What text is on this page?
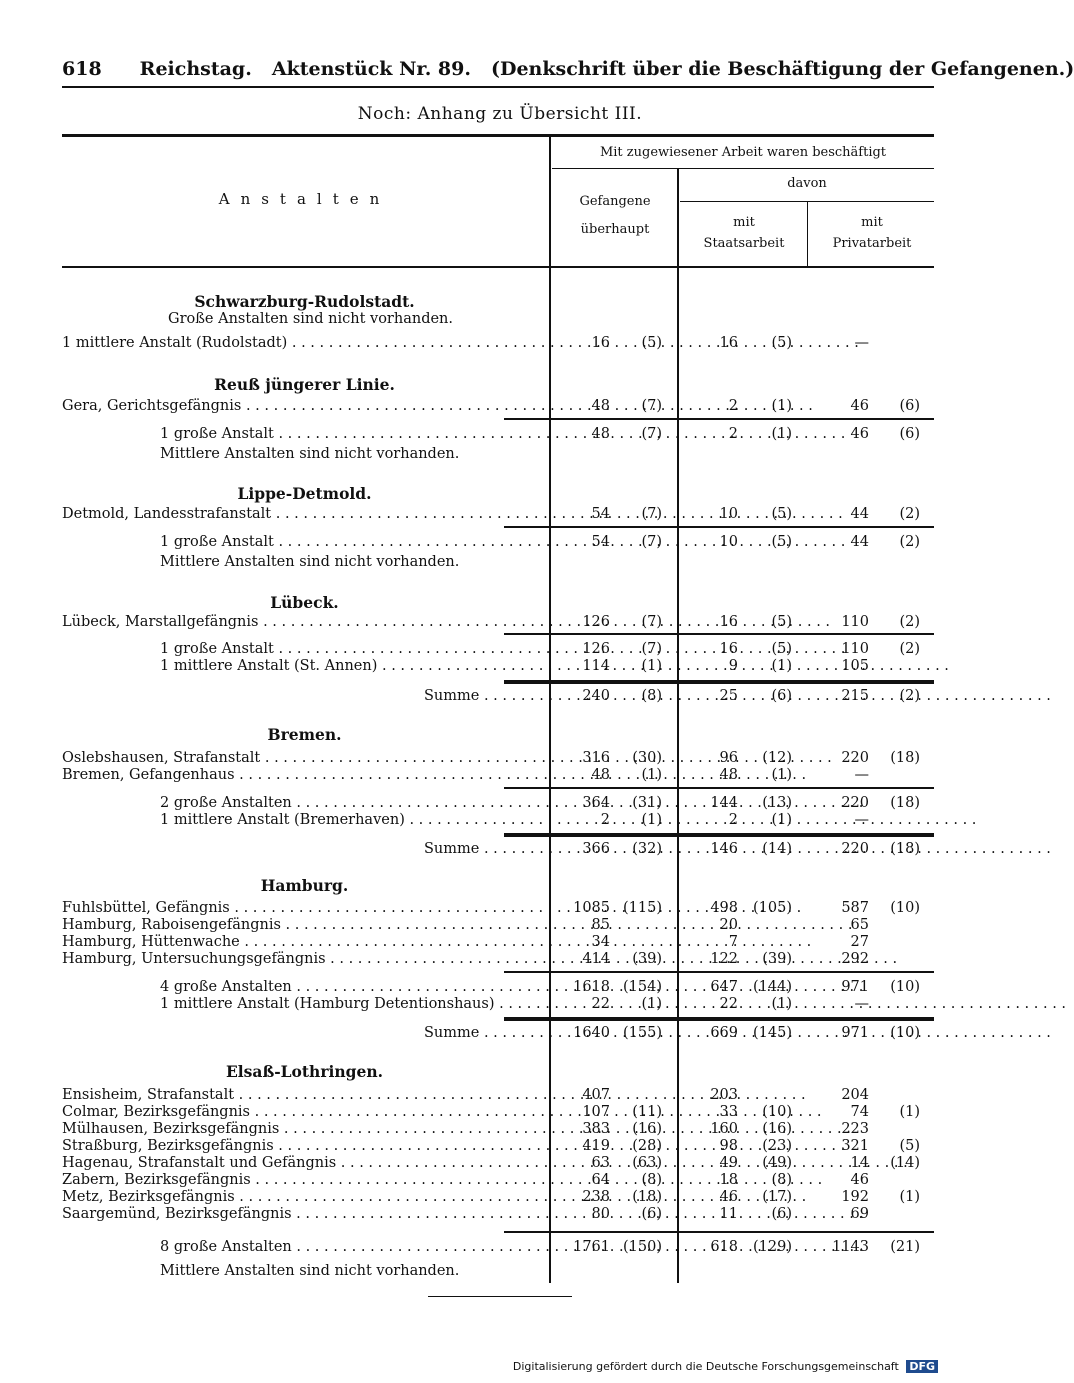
618 Reichstag. Aktenstück Nr. 89. (Denkschrift über die Beschäftigung der Gefangenen.)
Noch: Anhang zu Übersicht III.
Anstalten
Mit zugewiesener Arbeit waren beschäftigt
Gefangene
überhaupt
davon
mit
Staatsarbeit
mit
Privatarbeit
Schwarzburg-Rudolstadt.
Große Anstalten sind nicht vorhanden.
1 mittlere Anstalt (Rudolstadt) . . .	16	(5)	16	(5)	—
Reuß jüngerer Linie.
Mittlere Anstalten sind nicht vorhanden.
Gera, Gerichtsgefängnis . . .	48	(7)	2	(1)	46	(6)
1 große Anstalt . . .	48	(7)	2	(1)	46	(6)
Lippe-Detmold.
Mittlere Anstalten sind nicht vorhanden.
Detmold, Landesstrafanstalt . . .	54	(7)	10	(5)	44	(2)
1 große Anstalt . . .	54	(7)	10	(5)	44	(2)
Lübeck.
Lübeck, Marstallgefängnis . . .	126	(7)	16	(5)	110	(2)
1 große Anstalt . . .	126	(7)	16	(5)	110	(2)
1 mittlere Anstalt (St. Annen) . . .	114	(1)	9	(1)	105
Summe . . .	240	(8)	25	(6)	215	(2)
Bremen.
Oslebshausen, Strafanstalt . . .	316	(30)	96	(12)	220	(18)
Bremen, Gefangenhaus . . .	48	(1)	48	(1)	—
2 große Anstalten . . .	364	(31)	144	(13)	220	(18)
1 mittlere Anstalt (Bremerhaven) . . .	2	(1)	2	(1)	—
Summe . . .	366	(32)	146	(14)	220	(18)
Hamburg.
Fuhlsbüttel, Gefängnis . . .	1085 (115)	498	(105)	587	(10)
Hamburg, Raboisengefängnis . . .	85	20	65
Hamburg, Hüttenwache . . .	34	7	27
Hamburg, Untersuchungsgefängnis . . .	414	(39)	122	(39)	292
4 große Anstalten . . .	1618 (154)	647	(144)	971	(10)
1 mittlere Anstalt (Hamburg Detentionshaus) . . .	22	(1)	22	(1)	—
Summe . . .	1640 (155)	669	(145)	971	(10)
Elsaß-Lothringen.
Mittlere Anstalten sind nicht vorhanden.
Ensisheim, Strafanstalt . . .	407	203	204
Colmar, Bezirksgefängnis . . .	107	(11)	33	(10)	74	(1)
Mülhausen, Bezirksgefängnis . . .	383	(16)	160	(16)	223
Straßburg, Bezirksgefängnis . . .	419	(28)	98	(23)	321	(5)
Hagenau, Strafanstalt und Gefängnis . . .	63	(63)	49	(49)	14	(14)
Zabern, Bezirksgefängnis . . .	64	(8)	18	(8)	46
Metz, Bezirksgefängnis . . .	238	(18)	46	(17)	192	(1)
Saargemünd, Bezirksgefängnis . . .	80	(6)	11	(6)	69
8 große Anstalten . . .	1761 (150)	618	(129)	1143	(21)
Digitalisierung gefördert durch die Deutsche Forschungsgemeinschaft DFG
